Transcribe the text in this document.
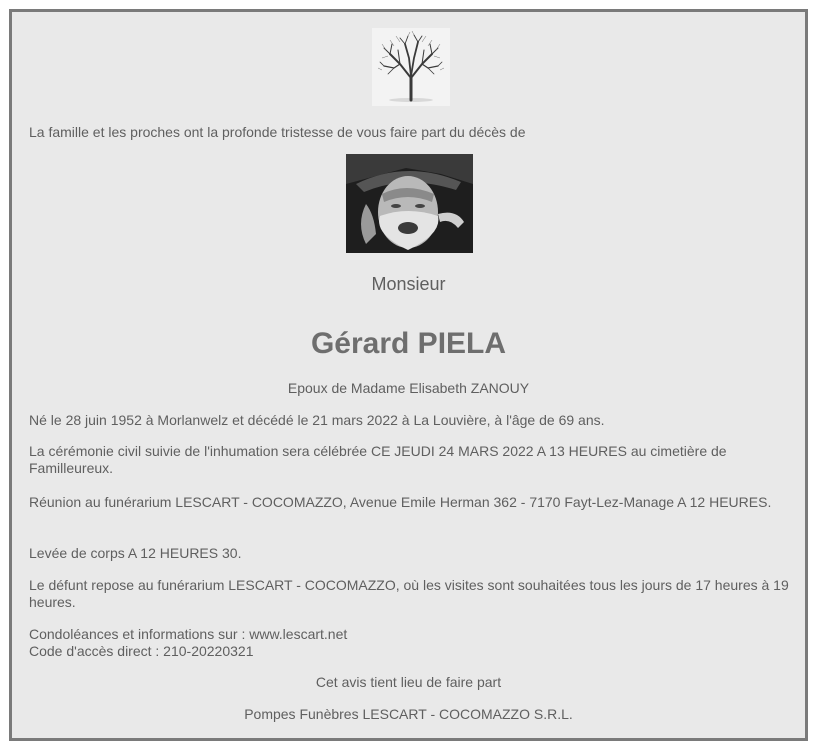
La famille et les proches ont la profonde tristesse de vous faire part du décès de

Monsieur

Gérard PIELA

Epoux de Madame Elisabeth ZANOUY

Né le 28 juin 1952 à Morlanwelz et décédé le 21 mars 2022 à La Louvière, à l'âge de 69 ans.

La cérémonie civil suivie de l'inhumation sera célébrée CE JEUDI 24 MARS 2022 A 13 HEURES au cimetière de Familleureux.

Réunion au funérarium LESCART - COCOMAZZO, Avenue Emile Herman 362 - 7170 Fayt-Lez-Manage A 12 HEURES.

Levée de corps A 12 HEURES 30.

Le défunt repose au funérarium LESCART - COCOMAZZO, où les visites sont souhaitées tous les jours de 17 heures à 19 heures.

Condoléances et informations sur : www.lescart.net

Code d'accès direct : 210-20220321

Cet avis tient lieu de faire part

Pompes Funèbres LESCART - COCOMAZZO S.R.L.
